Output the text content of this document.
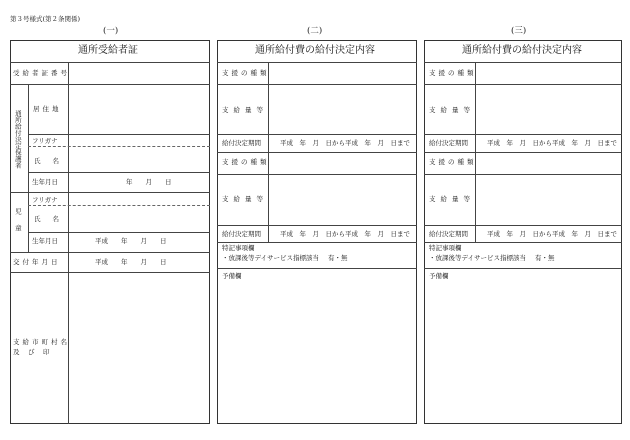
第３号様式(第２条関係)
(一)
通所受給者証
受給者証番号
通所給付決定保護者
居住地
フリガナ
氏名
生年月日	年　　月　　日
児童
フリガナ
氏名
生年月日	平成　　年　　月　　日
交付年月日	平成　　年　　月　　日
支給市町村名
及　び　印
(二)
通所給付費の給付決定内容
支援の種類
支給量等
給付決定期間	平成　年　月　日から平成　年　月　日まで
支援の種類
支給量等
給付決定期間	平成　年　月　日から平成　年　月　日まで
特記事項欄
・放課後等デイサービス指標該当 有・無
予備欄
(三)
通所給付費の給付決定内容
支援の種類
支給量等
給付決定期間	平成　年　月　日から平成　年　月　日まで
支援の種類
支給量等
給付決定期間	平成　年　月　日から平成　年　月　日まで
特記事項欄
・放課後等デイサービス指標該当 有・無
予備欄
